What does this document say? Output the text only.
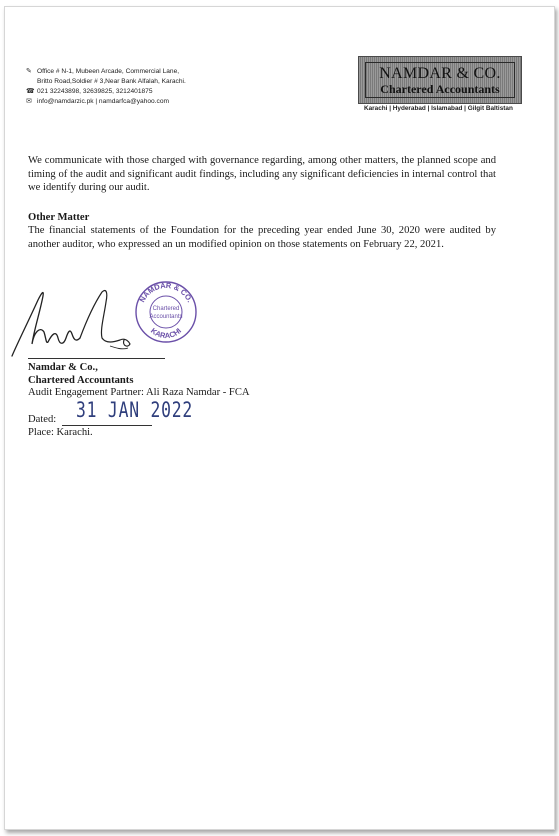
✎ Office # N-1, Mubeen Arcade, Commercial Lane,
Britto Road,Soldier # 3,Near Bank Alfalah, Karachi.
☎ 021 32243898, 32639825, 3212401875
✉ info@namdarzic.pk | namdarfca@yahoo.com
NAMDAR & CO.
Chartered Accountants
Karachi | Hyderabad | Islamabad | Gilgit Baltistan
We communicate with those charged with governance regarding, among other matters, the planned scope and timing of the audit and significant audit findings, including any significant deficiencies in internal control that we identify during our audit.
Other Matter
The financial statements of the Foundation for the preceding year ended June 30, 2020 were audited by another auditor, who expressed an un modified opinion on those statements on February 22, 2021.
NAMDAR & CO.
KARACHI
Chartered
Accountants
Namdar & Co.,
Chartered Accountants
Audit Engagement Partner: Ali Raza Namdar - FCA
Dated: 31 JAN 2022
Place: Karachi.
